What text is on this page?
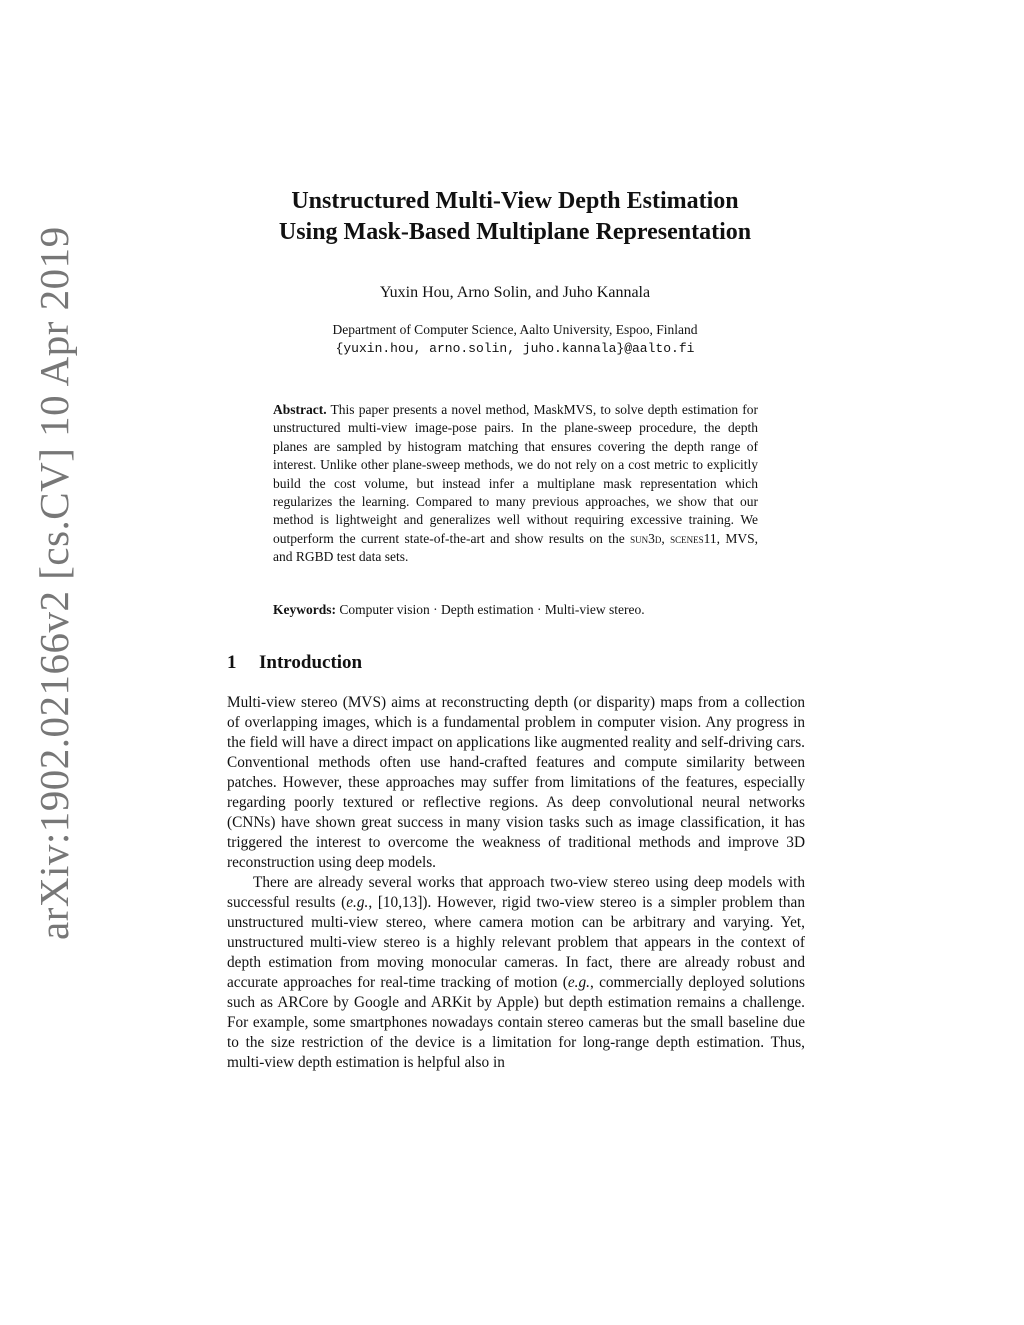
arXiv:1902.02166v2 [cs.CV] 10 Apr 2019
Unstructured Multi-View Depth Estimation
Using Mask-Based Multiplane Representation
Yuxin Hou, Arno Solin, and Juho Kannala
Department of Computer Science, Aalto University, Espoo, Finland
{yuxin.hou, arno.solin, juho.kannala}@aalto.fi
Abstract. This paper presents a novel method, MaskMVS, to solve depth estimation for unstructured multi-view image-pose pairs. In the plane-sweep procedure, the depth planes are sampled by histogram matching that ensures covering the depth range of interest. Unlike other plane-sweep methods, we do not rely on a cost metric to explicitly build the cost volume, but instead infer a multiplane mask representation which regularizes the learning. Compared to many previous approaches, we show that our method is lightweight and generalizes well without requiring excessive training. We outperform the current state-of-the-art and show results on the sun3d, scenes11, MVS, and RGBD test data sets.
Keywords: Computer vision · Depth estimation · Multi-view stereo.
1 Introduction

Multi-view stereo (MVS) aims at reconstructing depth (or disparity) maps from a collection of overlapping images, which is a fundamental problem in computer vision. Any progress in the field will have a direct impact on applications like augmented reality and self-driving cars. Conventional methods often use hand-crafted features and compute similarity between patches. However, these approaches may suffer from limitations of the features, especially regarding poorly textured or reflective regions. As deep convolutional neural networks (CNNs) have shown great success in many vision tasks such as image classification, it has triggered the interest to overcome the weakness of traditional methods and improve 3D reconstruction using deep models.

There are already several works that approach two-view stereo using deep models with successful results (e.g., [10,13]). However, rigid two-view stereo is a simpler problem than unstructured multi-view stereo, where camera motion can be arbitrary and varying. Yet, unstructured multi-view stereo is a highly relevant problem that appears in the context of depth estimation from moving monocular cameras. In fact, there are already robust and accurate approaches for real-time tracking of motion (e.g., commercially deployed solutions such as ARCore by Google and ARKit by Apple) but depth estimation remains a challenge. For example, some smartphones nowadays contain stereo cameras but the small baseline due to the size restriction of the device is a limitation for long-range depth estimation. Thus, multi-view depth estimation is helpful also in
